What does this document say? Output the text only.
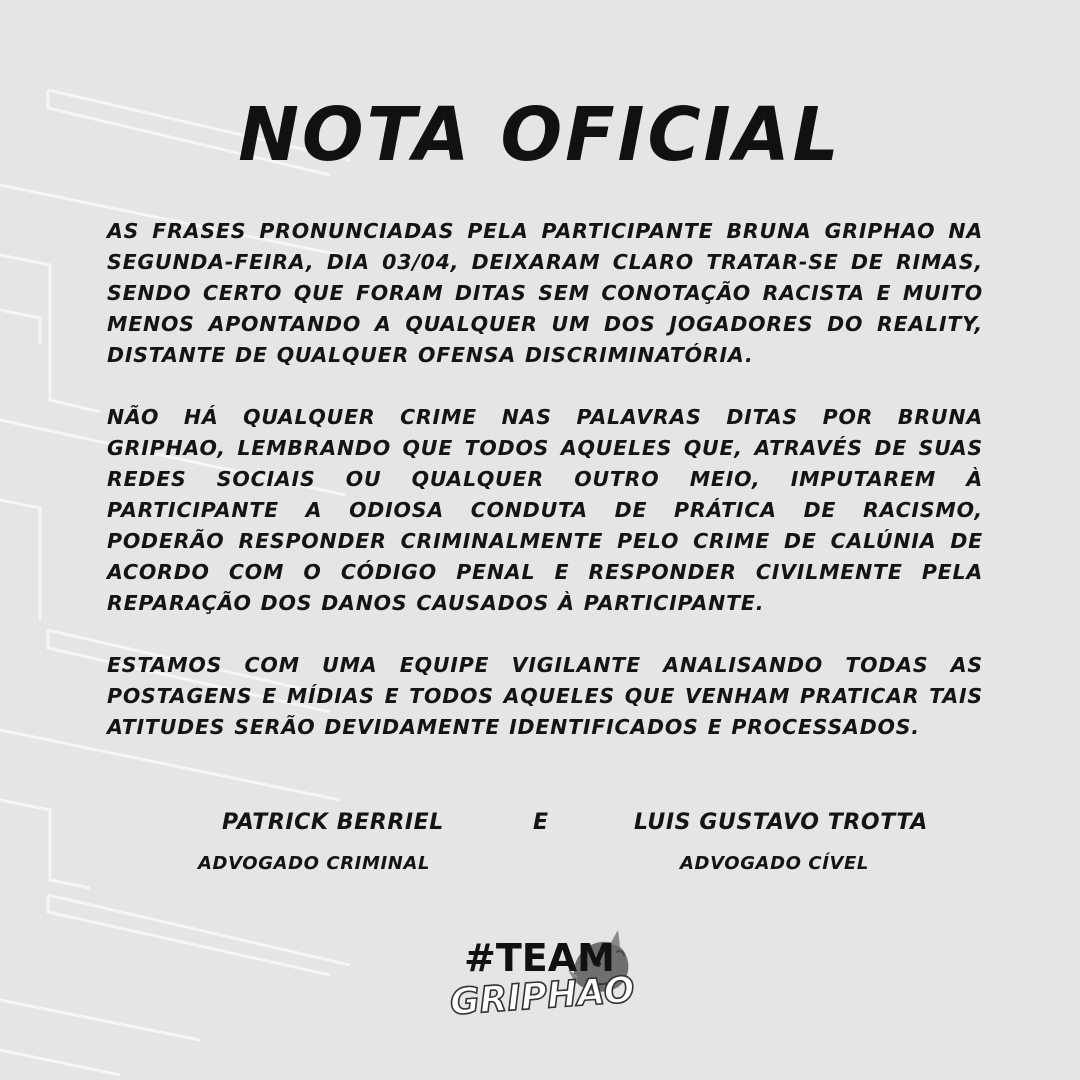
NOTA OFICIAL

AS FRASES PRONUNCIADAS PELA PARTICIPANTE BRUNA GRIPHAO NA SEGUNDA-FEIRA, DIA 03/04, DEIXARAM CLARO TRATAR-SE DE RIMAS, SENDO CERTO QUE FORAM DITAS SEM CONOTAÇÃO RACISTA E MUITO MENOS APONTANDO A QUALQUER UM DOS JOGADORES DO REALITY, DISTANTE DE QUALQUER OFENSA DISCRIMINATÓRIA.

NÃO HÁ QUALQUER CRIME NAS PALAVRAS DITAS POR BRUNA GRIPHAO, LEMBRANDO QUE TODOS AQUELES QUE, ATRAVÉS DE SUAS REDES SOCIAIS OU QUALQUER OUTRO MEIO, IMPUTAREM À PARTICIPANTE A ODIOSA CONDUTA DE PRÁTICA DE RACISMO, PODERÃO RESPONDER CRIMINALMENTE PELO CRIME DE CALÚNIA DE ACORDO COM O CÓDIGO PENAL E RESPONDER CIVILMENTE PELA REPARAÇÃO DOS DANOS CAUSADOS À PARTICIPANTE.

ESTAMOS COM UMA EQUIPE VIGILANTE ANALISANDO TODAS AS POSTAGENS E MÍDIAS E TODOS AQUELES QUE VENHAM PRATICAR TAIS ATITUDES SERÃO DEVIDAMENTE IDENTIFICADOS E PROCESSADOS.

PATRICK BERRIEL	E	LUIS GUSTAVO TROTTA
ADVOGADO CRIMINAL	ADVOGADO CÍVEL
#TEAM
GRIPHAO
